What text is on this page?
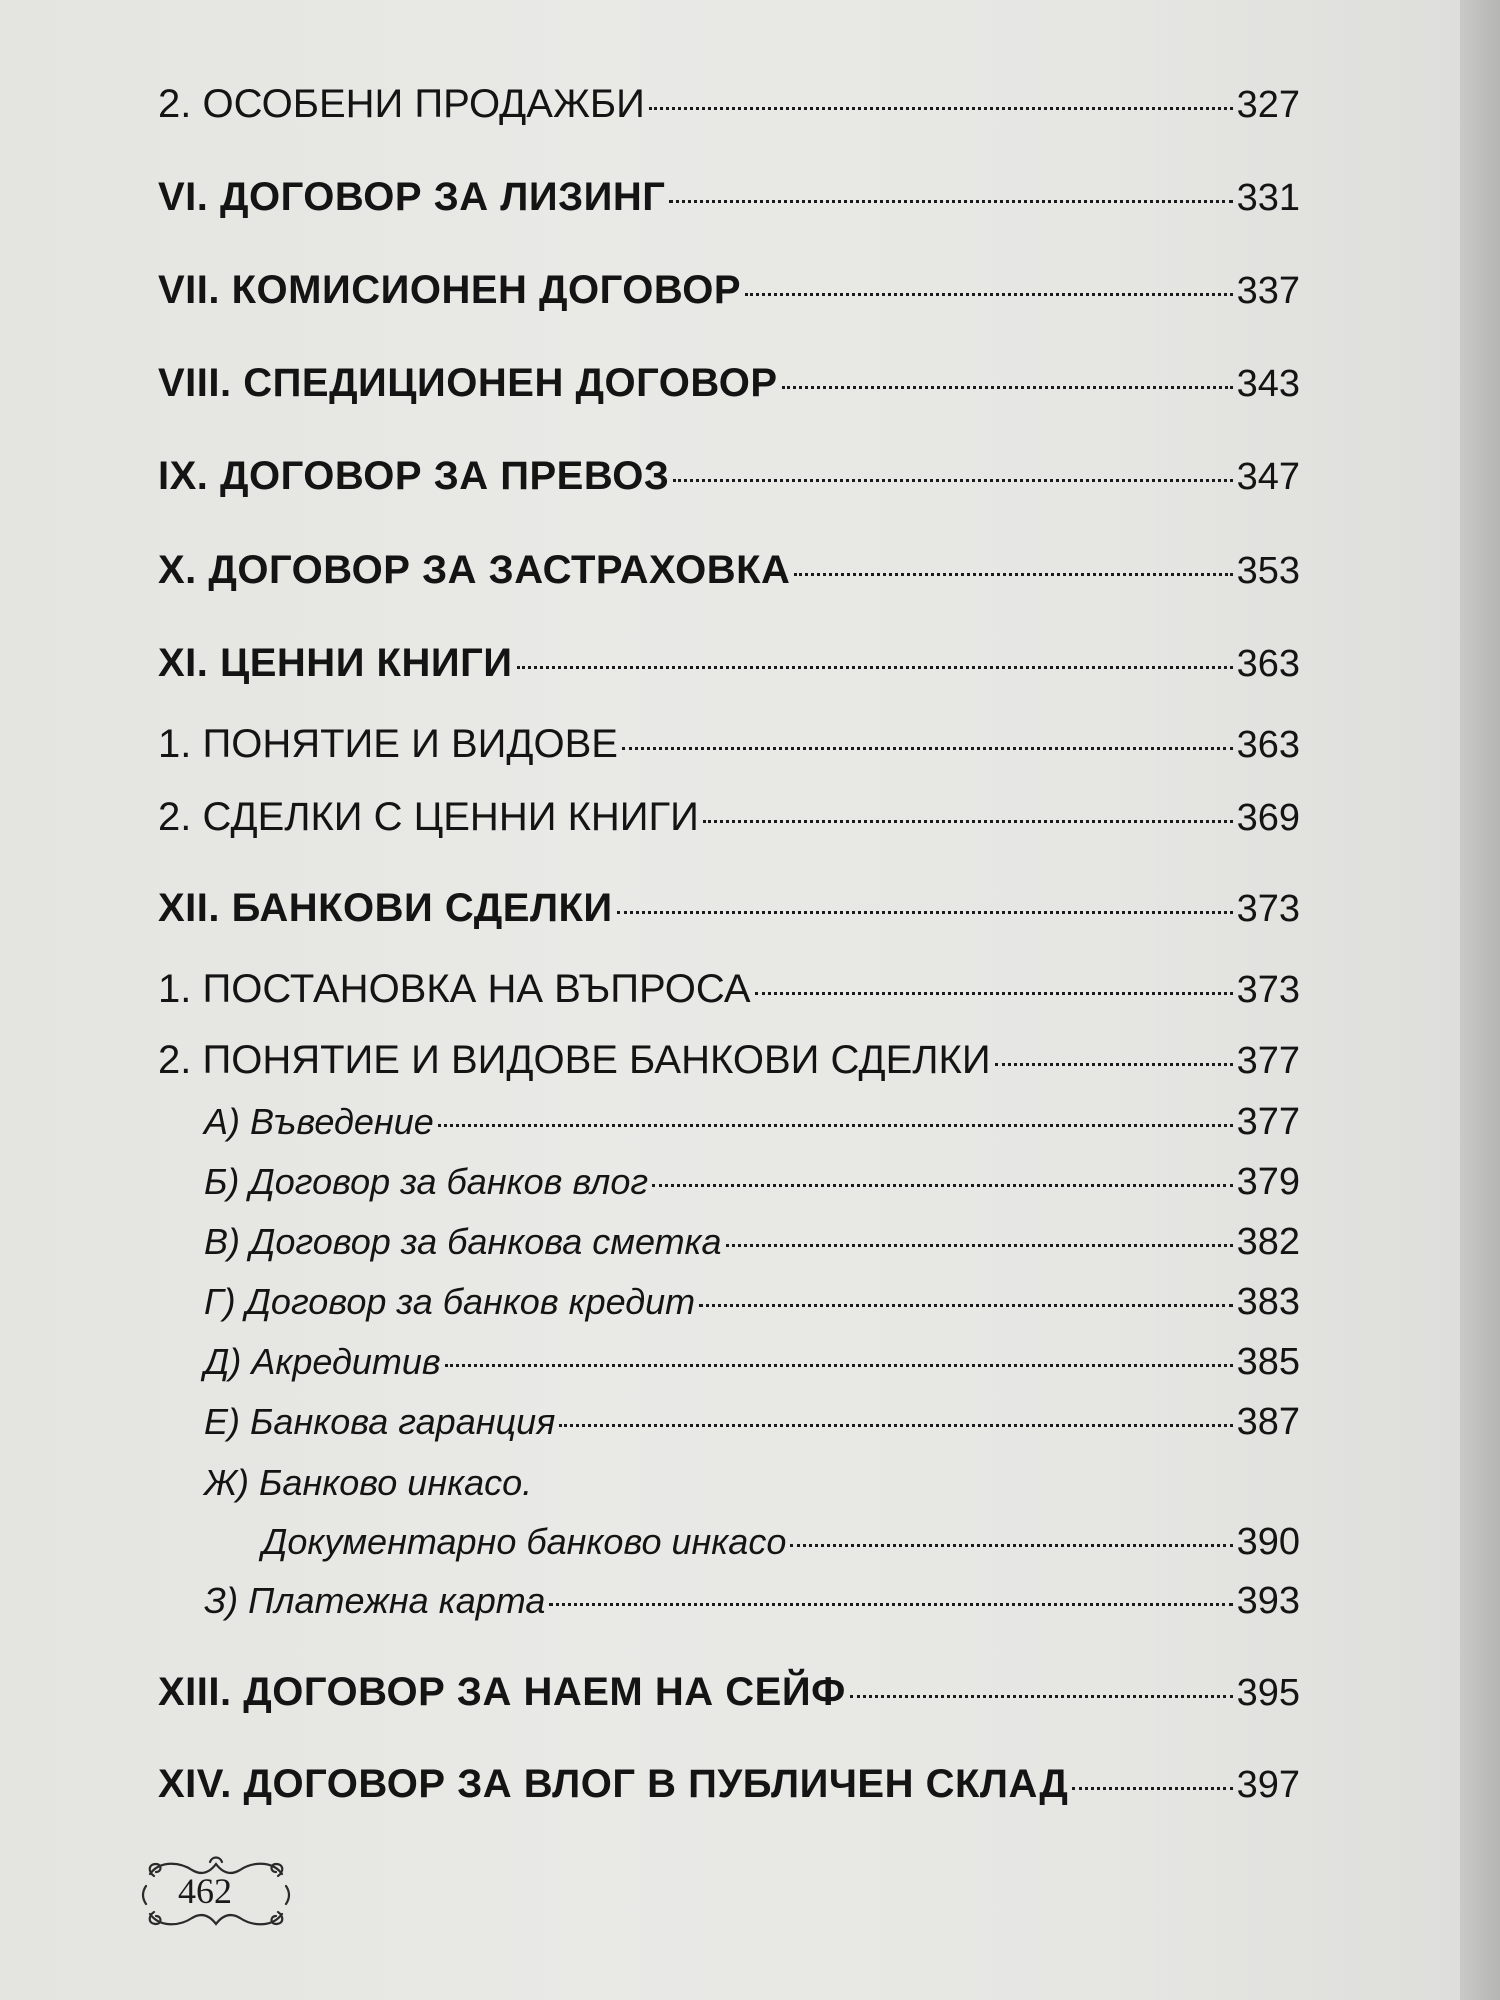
2. ОСОБЕНИ ПРОДАЖБИ	327
VI. ДОГОВОР ЗА ЛИЗИНГ	331
VII. КОМИСИОНЕН ДОГОВОР	337
VIII. СПЕДИЦИОНЕН ДОГОВОР	343
IX. ДОГОВОР ЗА ПРЕВОЗ	347
X. ДОГОВОР ЗА ЗАСТРАХОВКА	353
XI. ЦЕННИ КНИГИ	363
1. ПОНЯТИЕ И ВИДОВЕ	363
2. СДЕЛКИ С ЦЕННИ КНИГИ	369
XII. БАНКОВИ СДЕЛКИ	373
1. ПОСТАНОВКА НА ВЪПРОСА	373
2. ПОНЯТИЕ И ВИДОВЕ БАНКОВИ СДЕЛКИ	377
А) Въведение	377
Б) Договор за банков влог	379
В) Договор за банкова сметка	382
Г) Договор за банков кредит	383
Д) Акредитив	385
Е) Банкова гаранция	387
Ж) Банково инкасо.
Документарно банково инкасо	390
З) Платежна карта	393
XIII. ДОГОВОР ЗА НАЕМ НА СЕЙФ	395
XIV. ДОГОВОР ЗА ВЛОГ В ПУБЛИЧЕН СКЛАД	397
462
